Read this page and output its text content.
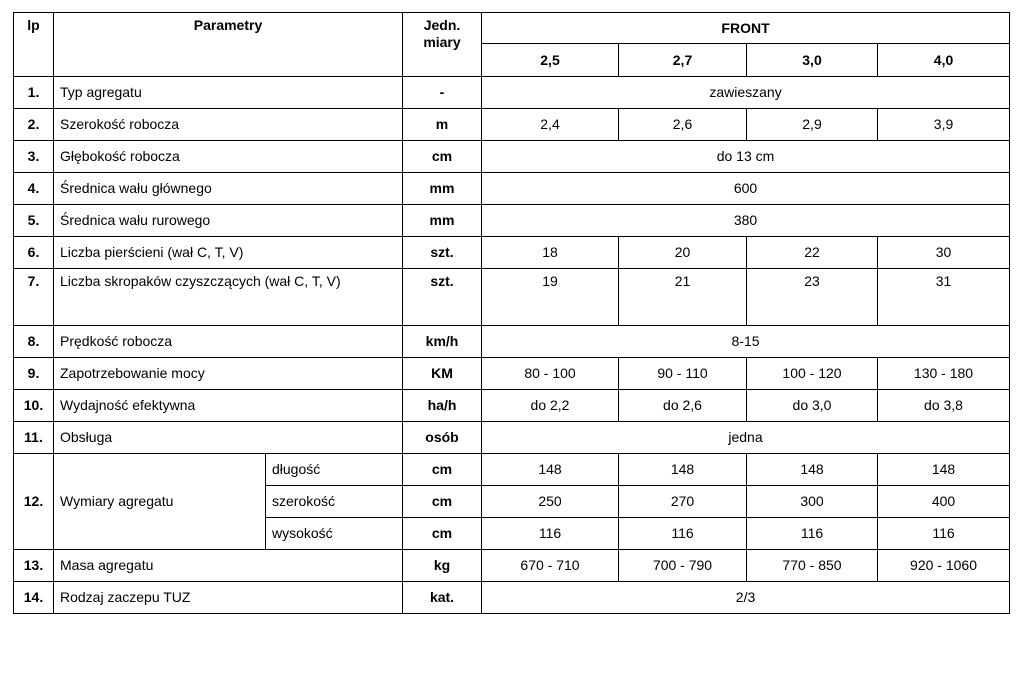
lp	Parametry		Jedn. miary	FRONT			
				2,5	2,7	3,0	4,0
1.	Typ agregatu		-	zawieszany			
2.	Szerokość robocza		m	2,4	2,6	2,9	3,9
3.	Głębokość robocza		cm	do 13 cm			
4.	Średnica wału głównego		mm	600			
5.	Średnica wału rurowego		mm	380			
6.	Liczba pierścieni (wał C, T, V)		szt.	18	20	22	30
7.	Liczba skropaków czyszczących (wał C, T, V)		szt.	19	21	23	31
8.	Prędkość robocza		km/h	8-15			
9.	Zapotrzebowanie mocy		KM	80 - 100	90 - 110	100 - 120	130 - 180
10.	Wydajność efektywna		ha/h	do 2,2	do 2,6	do 3,0	do 3,8
11.	Obsługa		osób	jedna			
12.	Wymiary agregatu	długość	cm	148	148	148	148
		szerokość	cm	250	270	300	400
		wysokość	cm	116	116	116	116
13.	Masa agregatu		kg	670 - 710	700 - 790	770 - 850	920 - 1060
14.	Rodzaj zaczepu TUZ		kat.	2/3			
